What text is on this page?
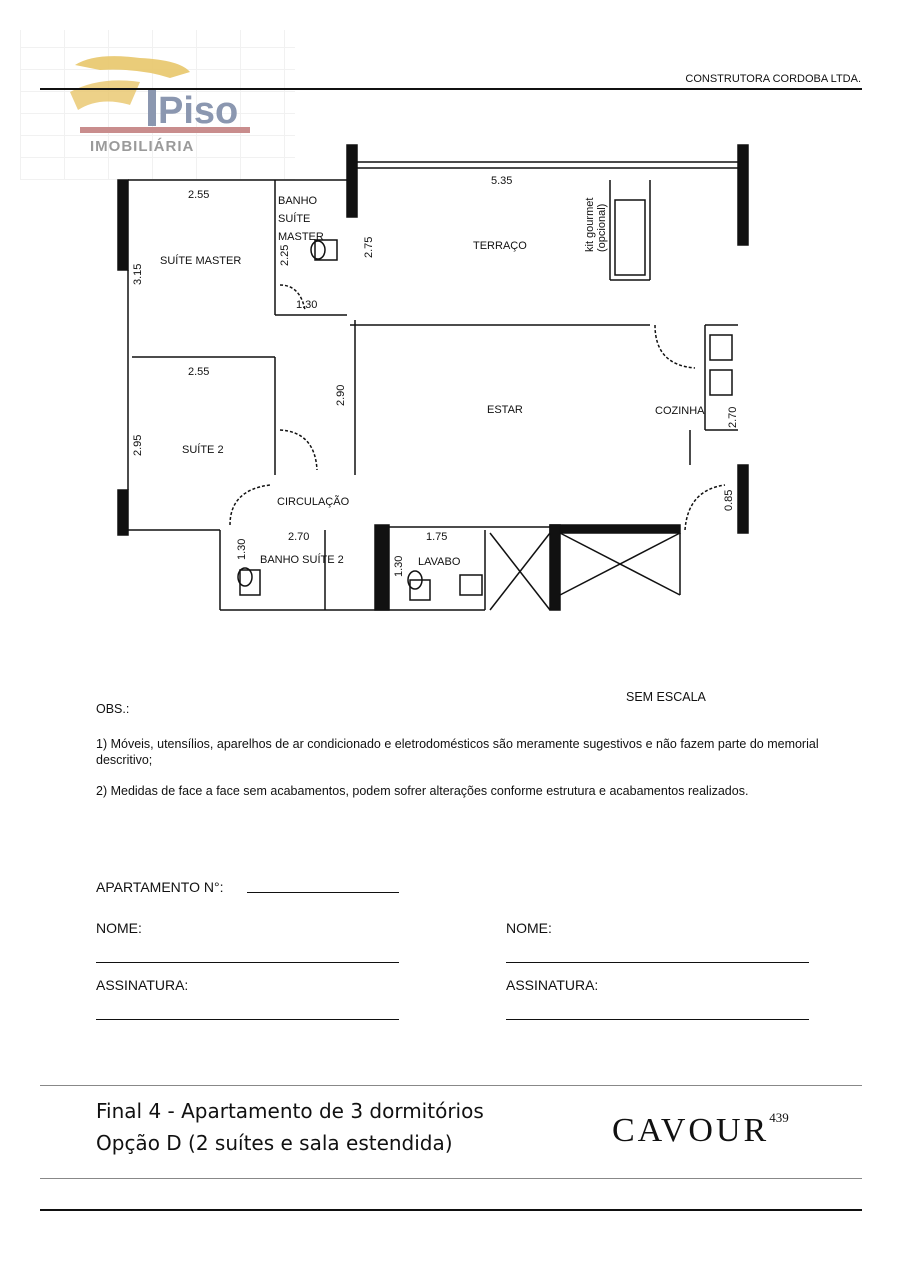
Piso
IMOBILIÁRIA
CONSTRUTORA CORDOBA LTDA.
SUÍTE MASTER
BANHO
SUÍTE
MASTER
TERRAÇO	kit gourmet (opcional)
SUÍTE 2
ESTAR	COZINHA
CIRCULAÇÃO
BANHO SUÍTE 2	LAVABO
2.55
3.15
2.25
1.30
5.35
2.75
2.55
2.95
2.90
2.70
0.85
2.70
1.30
1.75
1.30
SEM ESCALA
OBS.:
1) Móveis, utensílios, aparelhos de ar condicionado e eletrodomésticos são meramente sugestivos e não fazem parte do memorial descritivo;
2) Medidas de face a face sem acabamentos, podem sofrer alterações conforme estrutura e acabamentos realizados.
APARTAMENTO N°:
NOME:	NOME:
ASSINATURA:	ASSINATURA:
Final 4 - Apartamento de 3 dormitórios
Opção D (2 suítes e sala estendida)	CAVOUR$^{439}$
